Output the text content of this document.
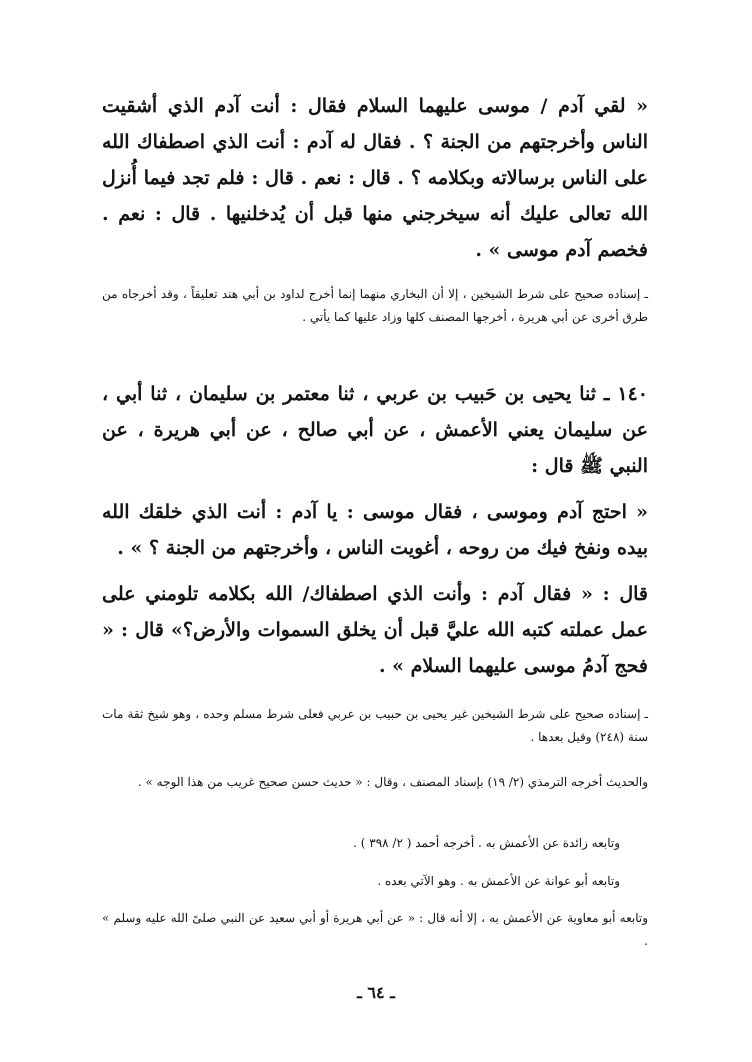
« لقي آدم / موسى عليهما السلام فقال : أنت آدم الذي أشقيت الناس وأخرجتهم من الجنة ؟ . فقال له آدم : أنت الذي اصطفاك الله على الناس برسالاته وبكلامه ؟ . قال : نعم . قال : فلم تجد فيما أُنزل الله تعالى عليك أنه سيخرجني منها قبل أن يُدخلنيها . قال : نعم . فخصم آدم موسى » .
ـ إسناده صحيح على شرط الشيخين ، إلا أن البخاري منهما إنما أخرج لداود بن أبي هند تعليقاً ، وقد أخرجاه من طرق أخرى عن أبي هريرة ، أخرجها المصنف كلها وزاد عليها كما يأتي .
١٤٠ ـ ثنا يحيى بن حَبيب بن عربي ، ثنا معتمر بن سليمان ، ثنا أبي ، عن سليمان يعني الأعمش ، عن أبي صالح ، عن أبي هريرة ، عن النبي ﷺ قال :
« احتج آدم وموسى ، فقال موسى : يا آدم : أنت الذي خلقك الله بيده ونفخ فيك من روحه ، أغويت الناس ، وأخرجتهم من الجنة ؟ » .
قال : « فقال آدم : وأنت الذي اصطفاك/ الله بكلامه تلومني على عمل عملته كتبه الله عليَّ قبل أن يخلق السموات والأرض؟» قال : « فحج آدمُ موسى عليهما السلام » .
ـ إسناده صحيح على شرط الشيخين غير يحيى بن حبيب بن عربي فعلى شرط مسلم وحده ، وهو شيخ ثقة مات سنة (٢٤٨) وقيل بعدها .
والحديث أخرجه الترمذي (٢/ ١٩) بإسناد المصنف ، وقال : « حديث حسن صحيح غريب من هذا الوجه » .
وتابعه زائدة عن الأعمش به . أخرجه أحمد ( ٢/ ٣٩٨ ) .
وتابعه أبو عوانة عن الأعمش به . وهو الآتي بعده .
وتابعه أبو معاوية عن الأعمش به ، إلا أنه قال : « عن أبي هريرة أو أبي سعيد عن النبي صلىً الله عليه وسلم » .
ـ ٦٤ ـ
